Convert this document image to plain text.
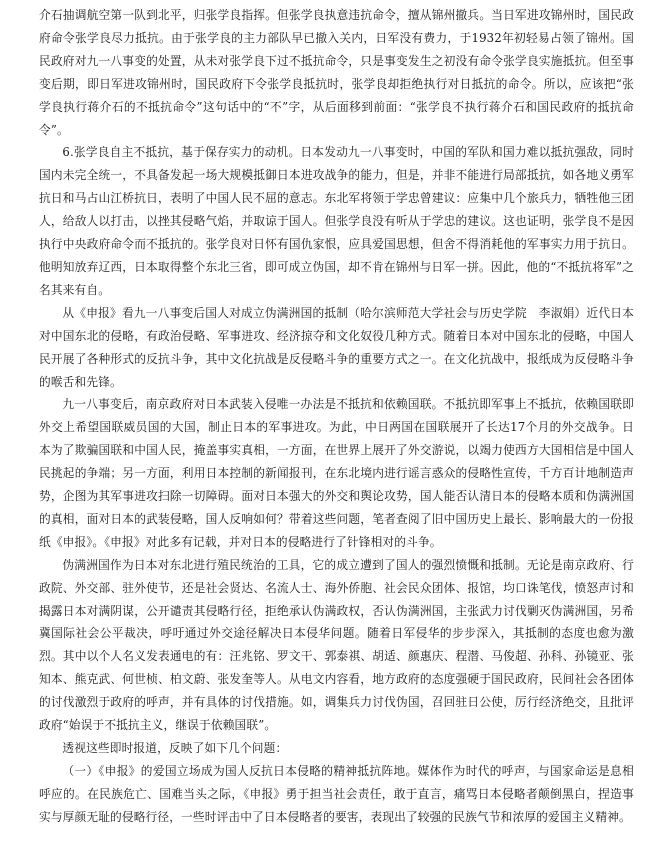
介石抽调航空第一队到北平，归张学良指挥。但张学良执意违抗命令，擅从锦州撤兵。当日军进攻锦州时，国民政府命令张学良尽力抵抗。由于张学良的主力部队早已撤入关内，日军没有费力，于1932年初轻易占领了锦州。国民政府对九一八事变的处置，从未对张学良下过不抵抗命令，只是事变发生之初没有命令张学良实施抵抗。但至事变后期，即日军进攻锦州时，国民政府下令张学良抵抗时，张学良却拒绝执行对日抵抗的命令。所以，应该把“张学良执行蒋介石的不抵抗命令”这句话中的“不”字，从后面移到前面：“张学良不执行蒋介石和国民政府的抵抗命令”。

6.张学良自主不抵抗，基于保存实力的动机。日本发动九一八事变时，中国的军队和国力难以抵抗强敌，同时国内未完全统一，不具备发起一场大规模抵御日本进攻战争的能力，但是，并非不能进行局部抵抗，如各地义勇军抗日和马占山江桥抗日，表明了中国人民不屈的意志。东北军将领于学忠曾建议：应集中几个旅兵力，牺牲他三团人，给敌人以打击，以挫其侵略气焰，并取谅于国人。但张学良没有听从于学忠的建议。这也证明，张学良不是因执行中央政府命令而不抵抗的。张学良对日怀有国仇家恨，应具爱国思想，但舍不得消耗他的军事实力用于抗日。他明知放弃辽西，日本取得整个东北三省，即可成立伪国，却不肯在锦州与日军一拼。因此，他的“不抵抗将军”之名其来有自。

从《申报》看九一八事变后国人对成立伪满洲国的抵制（哈尔滨师范大学社会与历史学院　李淑娟）近代日本对中国东北的侵略，有政治侵略、军事进攻、经济掠夺和文化奴役几种方式。随着日本对中国东北的侵略，中国人民开展了各种形式的反抗斗争，其中文化抗战是反侵略斗争的重要方式之一。在文化抗战中，报纸成为反侵略斗争的喉舌和先锋。

九一八事变后，南京政府对日本武装入侵唯一办法是不抵抗和依赖国联。不抵抗即军事上不抵抗，依赖国联即外交上希望国联威员国的大国，制止日本的军事进攻。为此，中日两国在国联展开了长达17个月的外交战争。日本为了欺骗国联和中国人民，掩盖事实真相，一方面，在世界上展开了外交游说，以竭力使西方大国相信是中国人民挑起的争端；另一方面，利用日本控制的新闻报刊，在东北境内进行谣言惑众的侵略性宣传，千方百计地制造声势，企图为其军事进攻扫除一切障碍。面对日本强大的外交和舆论攻势，国人能否认清日本的侵略本质和伪满洲国的真相，面对日本的武装侵略，国人反响如何？带着这些问题，笔者查阅了旧中国历史上最长、影响最大的一份报纸《申报》。《申报》对此多有记载，并对日本的侵略进行了针锋相对的斗争。

伪满洲国作为日本对东北进行殖民统治的工具，它的成立遭到了国人的强烈愤慨和抵制。无论是南京政府、行政院、外交部、驻外使节，还是社会贤达、名流人士、海外侨胞、社会民众团体、报馆，均口诛笔伐，愤怒声讨和揭露日本对满阴谋，公开谴责其侵略行径，拒绝承认伪满政权，否认伪满洲国，主张武力讨伐剿灭伪满洲国，另希冀国际社会公平裁决，呼吁通过外交途径解决日本侵华问题。随着日军侵华的步步深入，其抵制的态度也愈为激烈。其中以个人名义发表通电的有：汪兆铭、罗文干、郭泰祺、胡适、颜惠庆、程潜、马俊超、孙科、孙镜亚、张知本、熊克武、何世桢、柏文蔚、张发奎等人。从电文内容看，地方政府的态度强硬于国民政府，民间社会各团体的讨伐激烈于政府的呼声，并有具体的讨伐措施。如，调集兵力讨伐伪国，召回驻日公使，厉行经济绝交，且批评政府“始误于不抵抗主义，继误于依赖国联”。

透视这些即时报道，反映了如下几个问题：

（一）《申报》的爱国立场成为国人反抗日本侵略的精神抵抗阵地。媒体作为时代的呼声，与国家命运是息相呼应的。在民族危亡、国难当头之际，《申报》勇于担当社会责任，敢于直言，痛骂日本侵略者颠倒黑白，捏造事实与厚颜无耻的侵略行径，一些时评击中了日本侵略者的要害，表现出了较强的民族气节和浓厚的爱国主义精神。
